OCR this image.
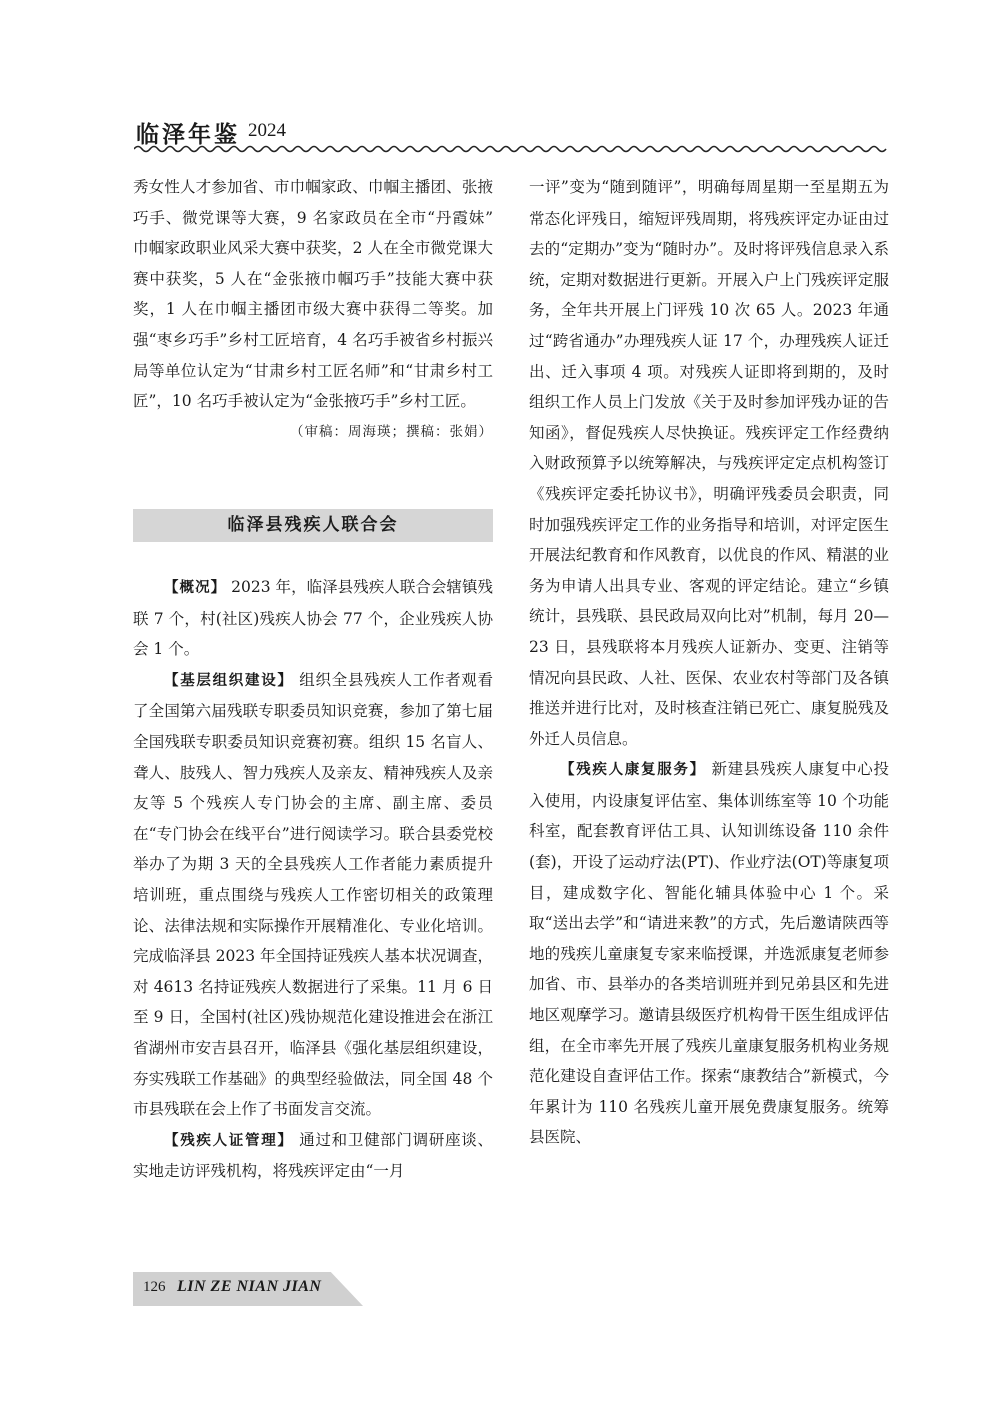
临泽年鉴 2024

秀女性人才参加省、市巾帼家政、巾帼主播团、张掖巧手、微党课等大赛，9 名家政员在全市“丹霞妹” 巾帼家政职业风采大赛中获奖，2 人在全市微党课大赛中获奖，5 人在“金张掖巾帼巧手”技能大赛中获奖，1 人在巾帼主播团市级大赛中获得二等奖。加强“枣乡巧手”乡村工匠培育，4 名巧手被省乡村振兴局等单位认定为“甘肃乡村工匠名师”和“甘肃乡村工匠”，10 名巧手被认定为“金张掖巧手”乡村工匠。

（审稿：周海瑛；撰稿：张娟）

临泽县残疾人联合会

【概况】 2023 年，临泽县残疾人联合会辖镇残联 7 个，村(社区)残疾人协会 77 个，企业残疾人协会 1 个。

【基层组织建设】 组织全县残疾人工作者观看了全国第六届残联专职委员知识竞赛，参加了第七届全国残联专职委员知识竞赛初赛。组织 15 名盲人、聋人、肢残人、智力残疾人及亲友、精神残疾人及亲友等 5 个残疾人专门协会的主席、副主席、委员在“专门协会在线平台”进行阅读学习。联合县委党校举办了为期 3 天的全县残疾人工作者能力素质提升培训班，重点围绕与残疾人工作密切相关的政策理论、法律法规和实际操作开展精准化、专业化培训。完成临泽县 2023 年全国持证残疾人基本状况调查，对 4613 名持证残疾人数据进行了采集。11 月 6 日至 9 日，全国村(社区)残协规范化建设推进会在浙江省湖州市安吉县召开，临泽县《强化基层组织建设，夯实残联工作基础》的典型经验做法，同全国 48 个市县残联在会上作了书面发言交流。

【残疾人证管理】 通过和卫健部门调研座谈、实地走访评残机构，将残疾评定由“一月

一评”变为“随到随评”，明确每周星期一至星期五为常态化评残日，缩短评残周期，将残疾评定办证由过去的“定期办”变为“随时办”。及时将评残信息录入系统，定期对数据进行更新。开展入户上门残疾评定服务，全年共开展上门评残 10 次 65 人。2023 年通过“跨省通办”办理残疾人证 17 个，办理残疾人证迁出、迁入事项 4 项。对残疾人证即将到期的，及时组织工作人员上门发放《关于及时参加评残办证的告知函》，督促残疾人尽快换证。残疾评定工作经费纳入财政预算予以统筹解决，与残疾评定定点机构签订《残疾评定委托协议书》，明确评残委员会职责，同时加强残疾评定工作的业务指导和培训，对评定医生开展法纪教育和作风教育，以优良的作风、精湛的业务为申请人出具专业、客观的评定结论。建立“乡镇统计，县残联、县民政局双向比对”机制，每月 20—23 日，县残联将本月残疾人证新办、变更、注销等情况向县民政、人社、医保、农业农村等部门及各镇推送并进行比对，及时核查注销已死亡、康复脱残及外迁人员信息。

【残疾人康复服务】 新建县残疾人康复中心投入使用，内设康复评估室、集体训练室等 10 个功能科室，配套教育评估工具、认知训练设备 110 余件(套)，开设了运动疗法(PT)、作业疗法(OT)等康复项目，建成数字化、智能化辅具体验中心 1 个。采取“送出去学”和“请进来教”的方式，先后邀请陕西等地的残疾儿童康复专家来临授课，并选派康复老师参加省、市、县举办的各类培训班并到兄弟县区和先进地区观摩学习。邀请县级医疗机构骨干医生组成评估组，在全市率先开展了残疾儿童康复服务机构业务规范化建设自查评估工作。探索“康教结合”新模式，今年累计为 110 名残疾儿童开展免费康复服务。统筹县医院、

126 LIN ZE NIAN JIAN
